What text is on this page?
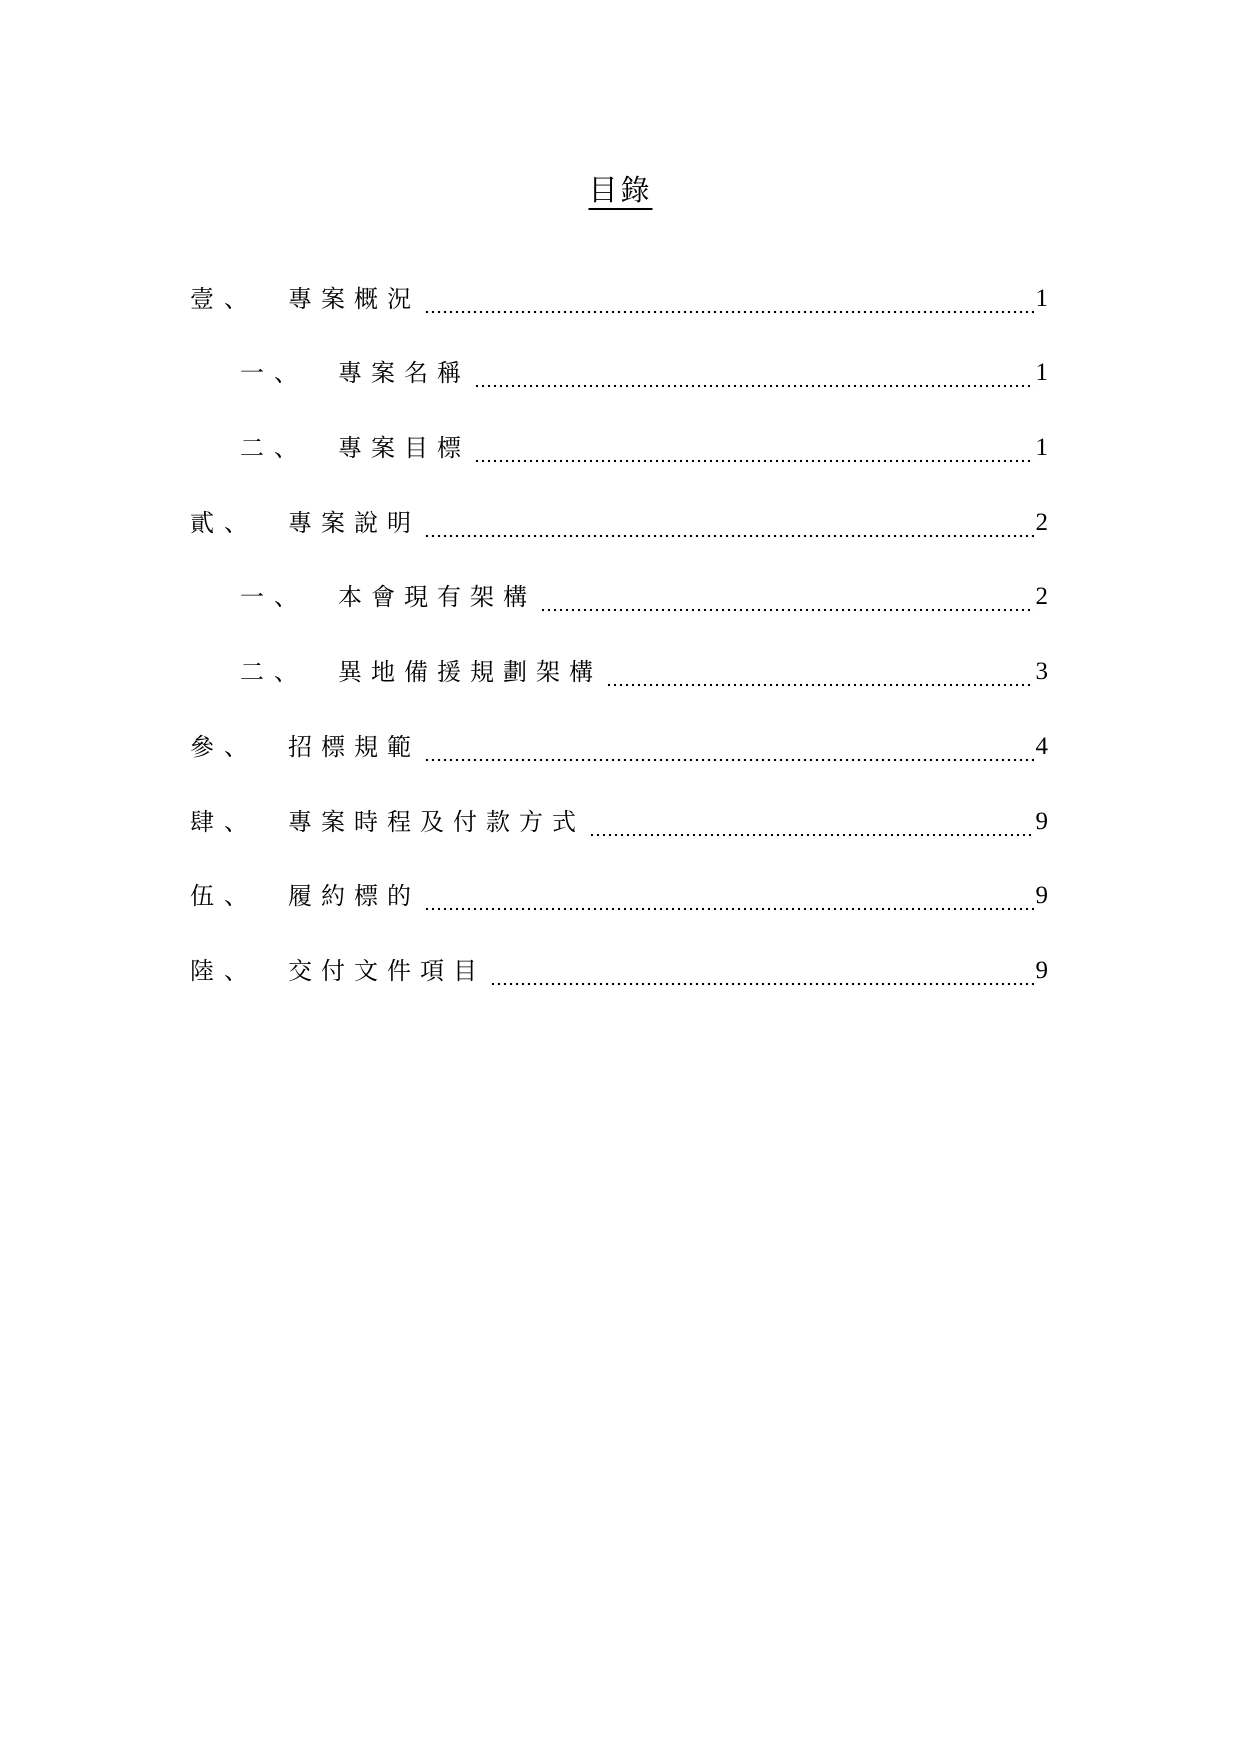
目錄
壹、	專案概況	1
一、	專案名稱	1
二、	專案目標	1
貳、	專案說明	2
一、	本會現有架構	2
二、	異地備援規劃架構	3
參、	招標規範	4
肆、	專案時程及付款方式	9
伍、	履約標的	9
陸、	交付文件項目	9
